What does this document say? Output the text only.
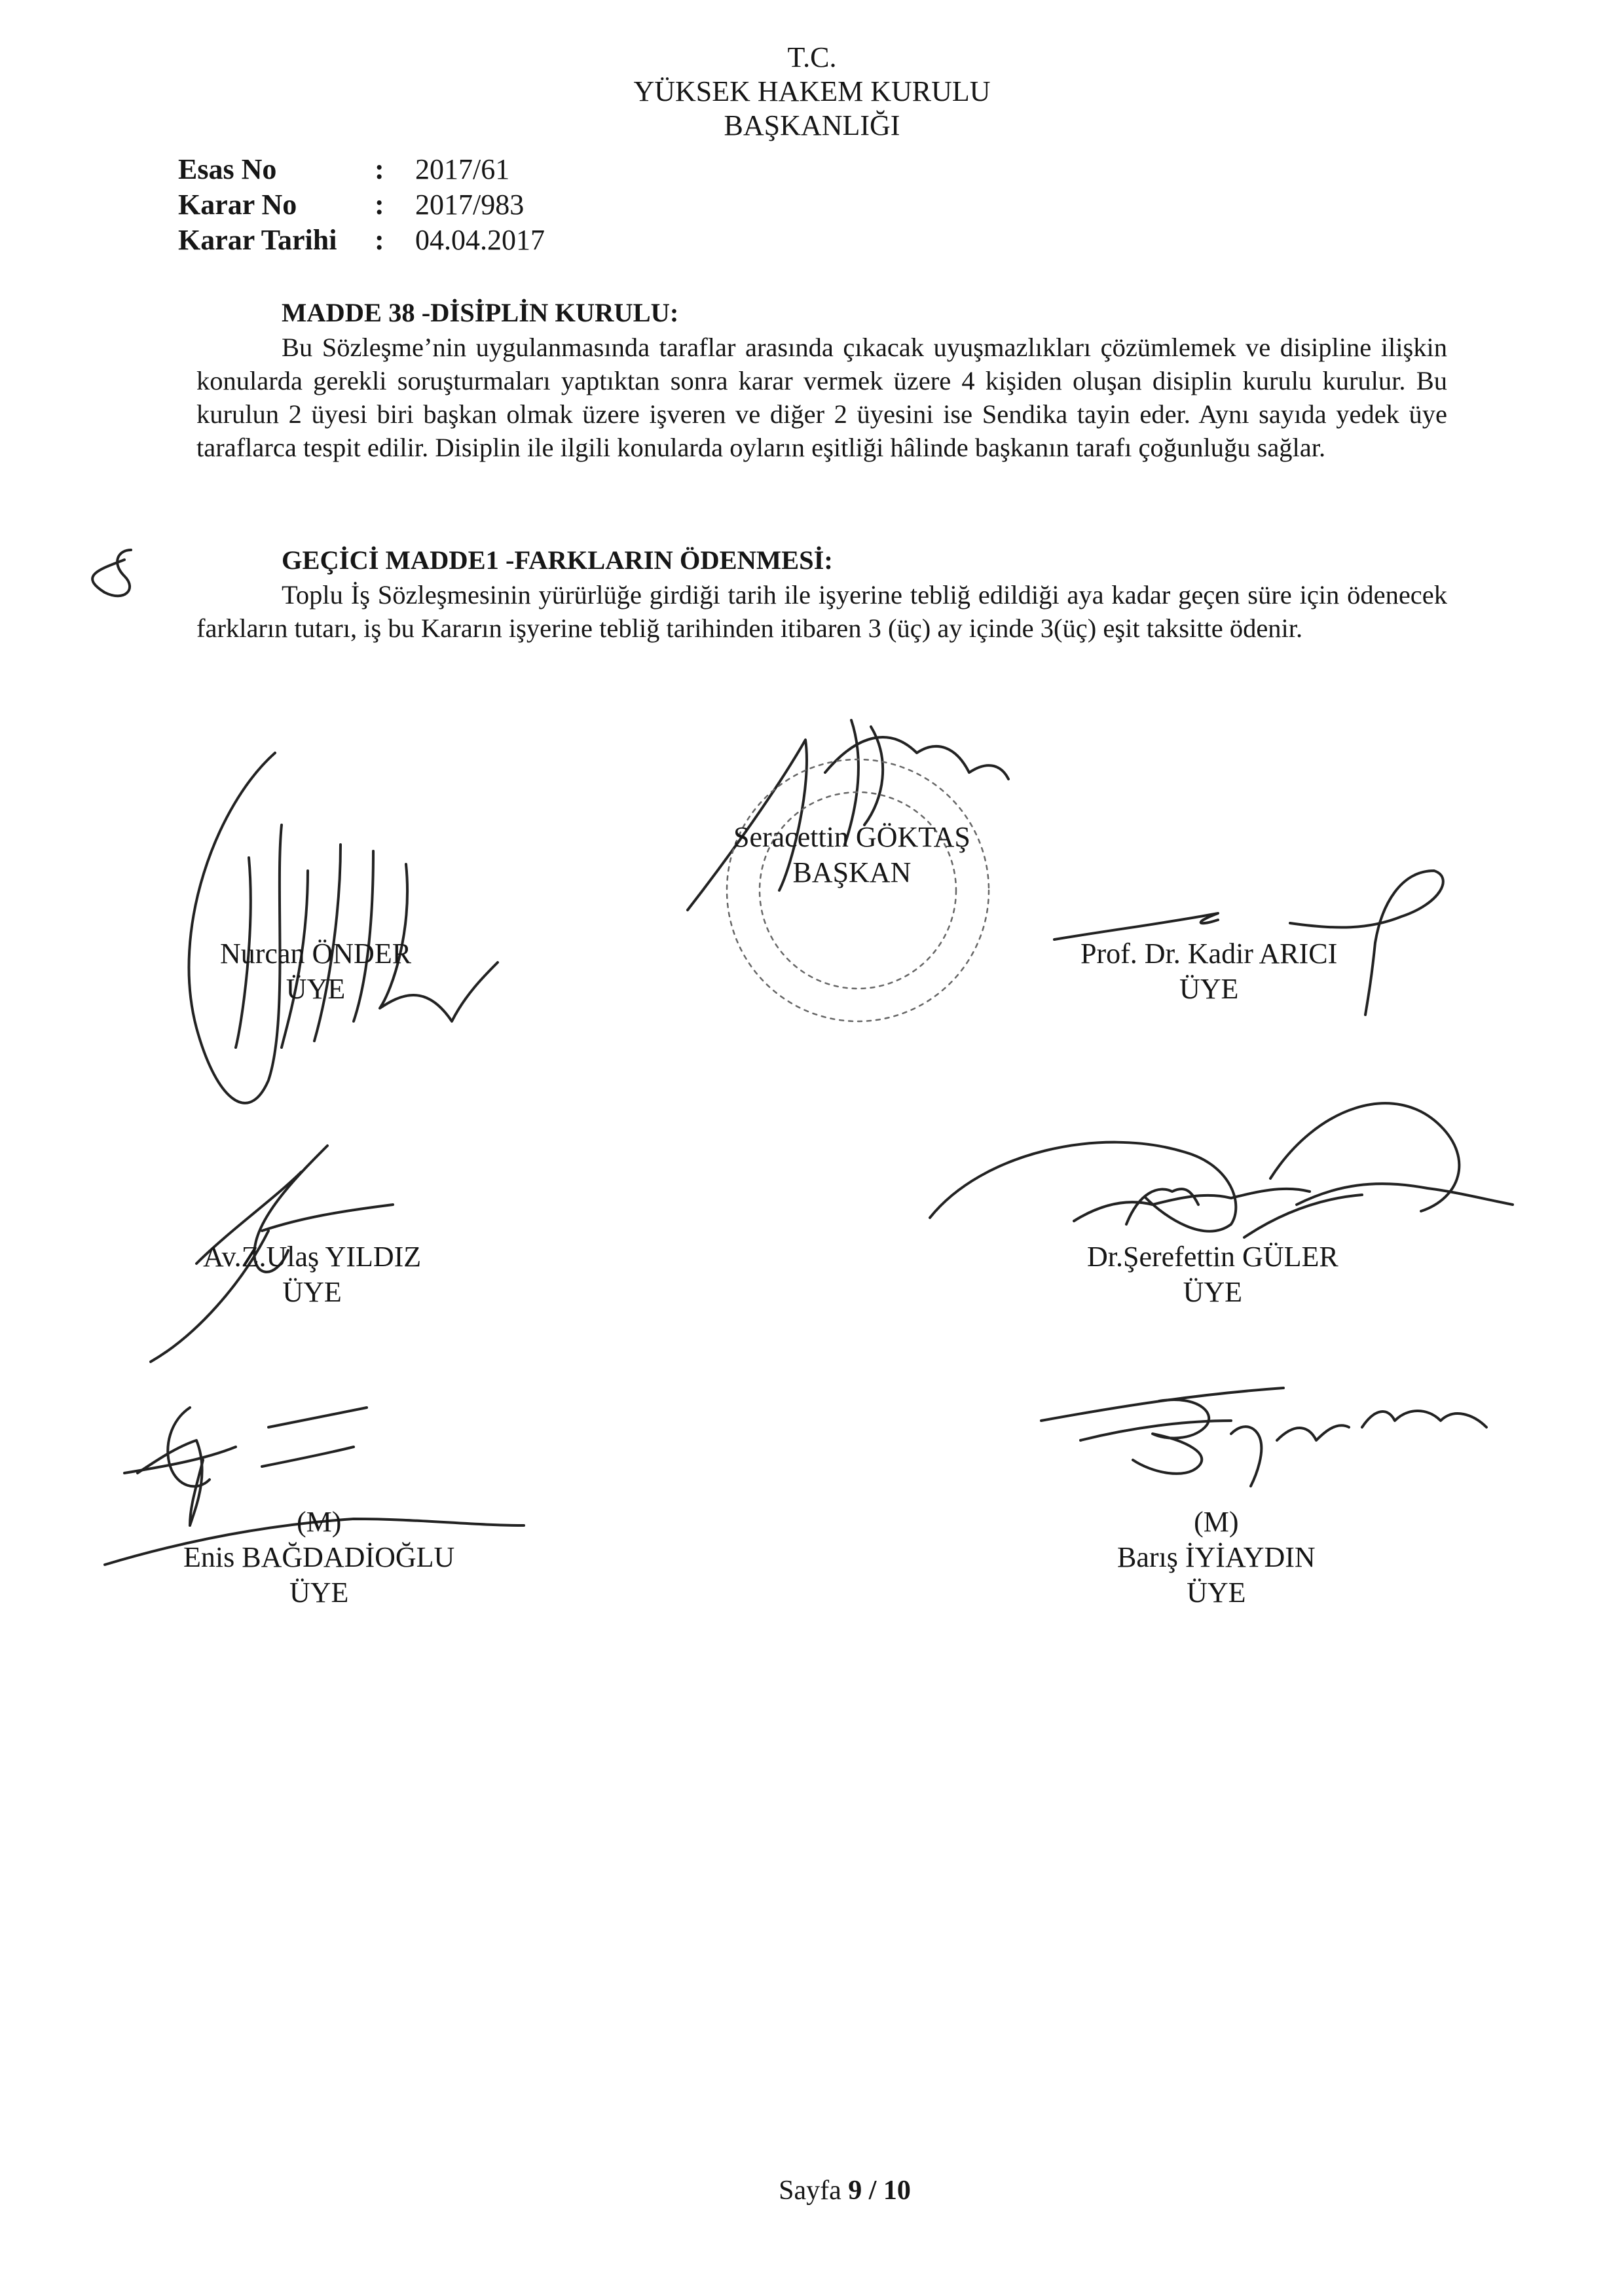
T.C.
YÜKSEK HAKEM KURULU
BAŞKANLIĞI
Esas No	:	2017/61
Karar No	:	2017/983
Karar Tarihi	:	04.04.2017
MADDE 38 -DİSİPLİN KURULU:

Bu Sözleşme’nin uygulanmasında taraflar arasında çıkacak uyuşmazlıkları çözümlemek ve disipline ilişkin konularda gerekli soruşturmaları yaptıktan sonra karar vermek üzere 4 kişiden oluşan disiplin kurulu kurulur. Bu kurulun 2 üyesi biri başkan olmak üzere işveren ve diğer 2 üyesini ise Sendika tayin eder. Aynı sayıda yedek üye taraflarca tespit edilir. Disiplin ile ilgili konularda oyların eşitliği hâlinde başkanın tarafı çoğunluğu sağlar.

GEÇİCİ MADDE1 -FARKLARIN ÖDENMESİ:

Toplu İş Sözleşmesinin yürürlüğe girdiği tarih ile işyerine tebliğ edildiği aya kadar geçen süre için ödenecek farkların tutarı, iş bu Kararın işyerine tebliğ tarihinden itibaren 3 (üç) ay içinde 3(üç) eşit taksitte ödenir.

Seracettin GÖKTAŞ
BAŞKAN
Nurcan ÖNDER
ÜYE
Prof. Dr. Kadir ARICI
ÜYE
Av.Z.Ulaş YILDIZ
ÜYE
Dr.Şerefettin GÜLER
ÜYE
(M)
Enis BAĞDADİOĞLU
ÜYE
(M)
Barış İYİAYDIN
ÜYE
Sayfa 9 / 10
